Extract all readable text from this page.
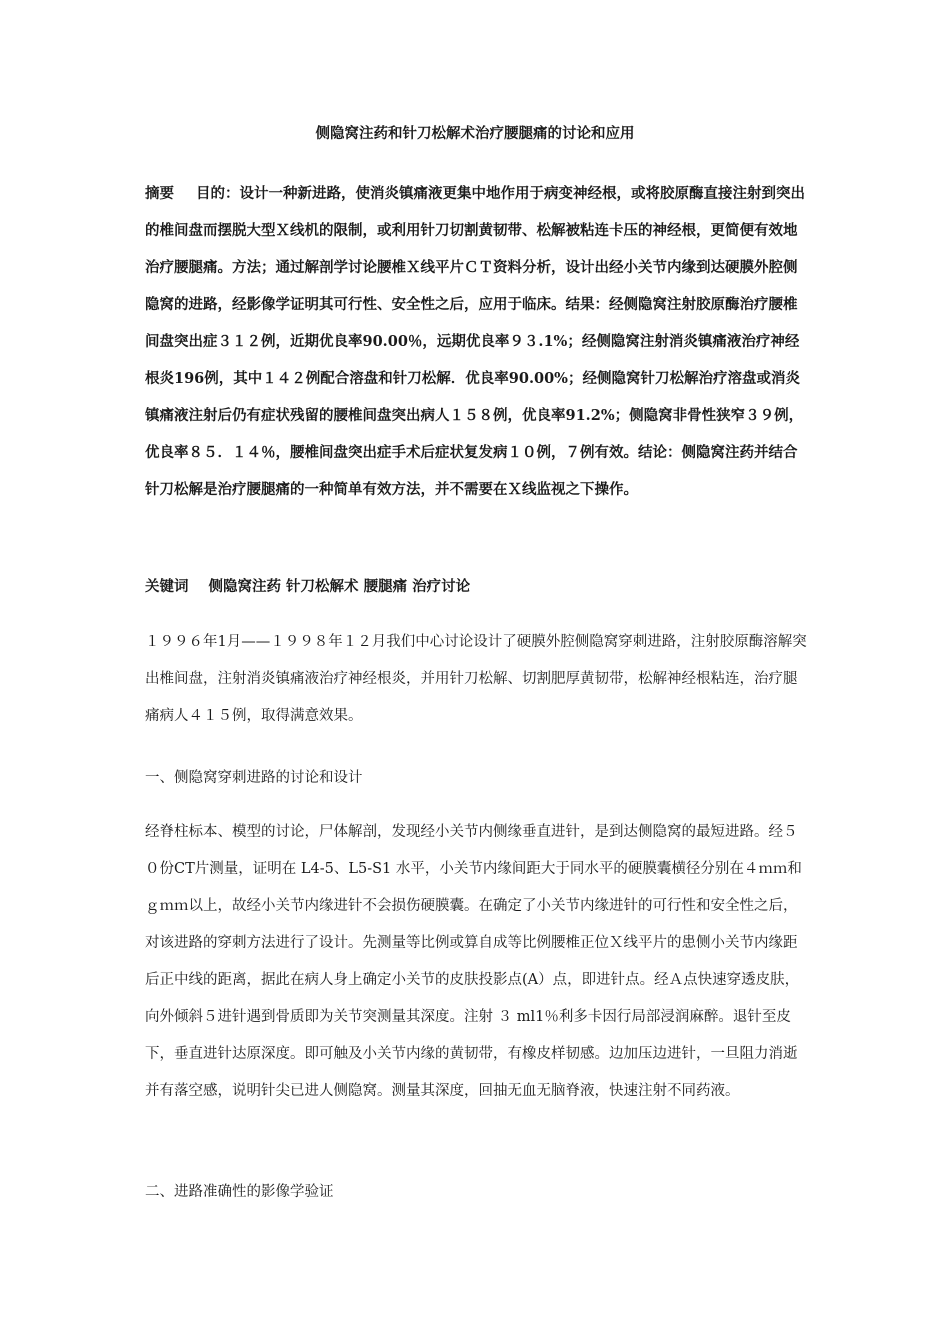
侧隐窝注药和针刀松解术治疗腰腿痛的讨论和应用

摘要 目的：设计一种新进路，使消炎镇痛液更集中地作用于病变神经根，或将胶原酶直接注射到突出的椎间盘而摆脱大型Ｘ线机的限制，或利用针刀切割黄韧带、松解被粘连卡压的神经根，更简便有效地治疗腰腿痛。方法；通过解剖学讨论腰椎Ｘ线平片ＣＴ资料分析，设计出经小关节内缘到达硬膜外腔侧隐窝的进路，经影像学证明其可行性、安全性之后，应用于临床。结果：经侧隐窝注射胶原酶治疗腰椎间盘突出症３１２例，近期优良率90.00％，远期优良率９３.1%；经侧隐窝注射消炎镇痛液治疗神经根炎196例，其中１４２例配合溶盘和针刀松解．优良率90.00%；经侧隐窝针刀松解治疗溶盘或消炎镇痛液注射后仍有症状残留的腰椎间盘突出病人１５８例，优良率91.2%；侧隐窝非骨性狭窄３９例，优良率８５．１４％，腰椎间盘突出症手术后症状复发病１０例，７例有效。结论：侧隐窝注药并结合针刀松解是治疗腰腿痛的一种简单有效方法，并不需要在Ｘ线监视之下操作。

关键词 侧隐窝注药 针刀松解术 腰腿痛 治疗讨论

１９９６年1月——１９９８年１２月我们中心讨论设计了硬膜外腔侧隐窝穿刺进路，注射胶原酶溶解突出椎间盘，注射消炎镇痛液治疗神经根炎，并用针刀松解、切割肥厚黄韧带，松解神经根粘连，治疗腿痛病人４１５例，取得满意效果。

一、侧隐窝穿刺进路的讨论和设计

经脊柱标本、模型的讨论，尸体解剖，发现经小关节内侧缘垂直进针，是到达侧隐窝的最短进路。经５０份CT片测量，证明在 L4-5、L5-S1 水平，小关节内缘间距大于同水平的硬膜囊横径分别在４ｍｍ和ｇｍｍ以上，故经小关节内缘进针不会损伤硬膜囊。在确定了小关节内缘进针的可行性和安全性之后，对该进路的穿刺方法进行了设计。先测量等比例或算自成等比例腰椎正位Ｘ线平片的患侧小关节内缘距后正中线的距离，据此在病人身上确定小关节的皮肤投影点(A）点，即进针点。经Ａ点快速穿透皮肤，向外倾斜５进针遇到骨质即为关节突测量其深度。注射 ３ ml1％利多卡因行局部浸润麻醉。退针至皮下，垂直进针达原深度。即可触及小关节内缘的黄韧带，有橡皮样韧感。边加压边进针，一旦阻力消逝并有落空感，说明针尖已进人侧隐窝。测量其深度，回抽无血无脑脊液，快速注射不同药液。

二、进路准确性的影像学验证
